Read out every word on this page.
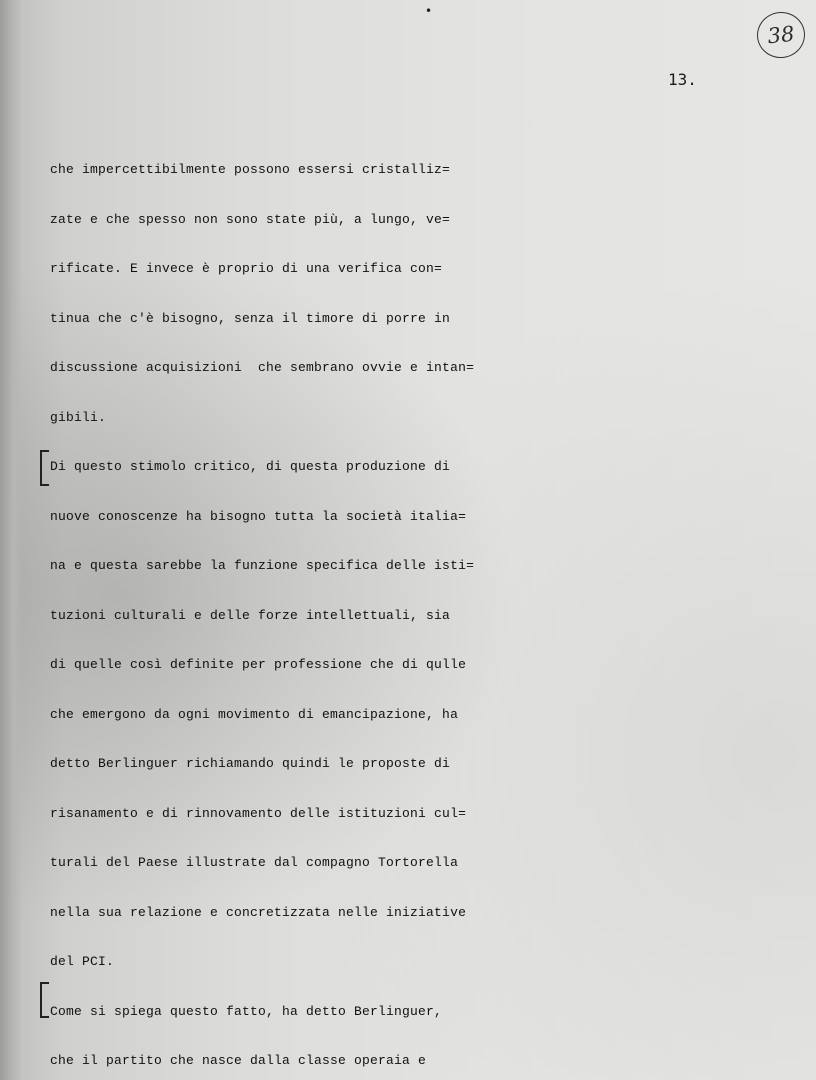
•
38
13.
che impercettibilmente possono essersi cristalliz=
zate e che spesso non sono state più, a lungo, ve=
rificate. E invece è proprio di una verifica con=
tinua che c'è bisogno, senza il timore di porre in
discussione acquisizioni  che sembrano ovvie e intan=
gibili.
Di questo stimolo critico, di questa produzione di
nuove conoscenze ha bisogno tutta la società italia=
na e questa sarebbe la funzione specifica delle isti=
tuzioni culturali e delle forze intellettuali, sia
di quelle così definite per professione che di qulle
che emergono da ogni movimento di emancipazione, ha
detto Berlinguer richiamando quindi le proposte di
risanamento e di rinnovamento delle istituzioni cul=
turali del Paese illustrate dal compagno Tortorella
nella sua relazione e concretizzata nelle iniziative
del PCI.
Come si spiega questo fatto, ha detto Berlinguer,
che il partito che nasce dalla classe operaia e
